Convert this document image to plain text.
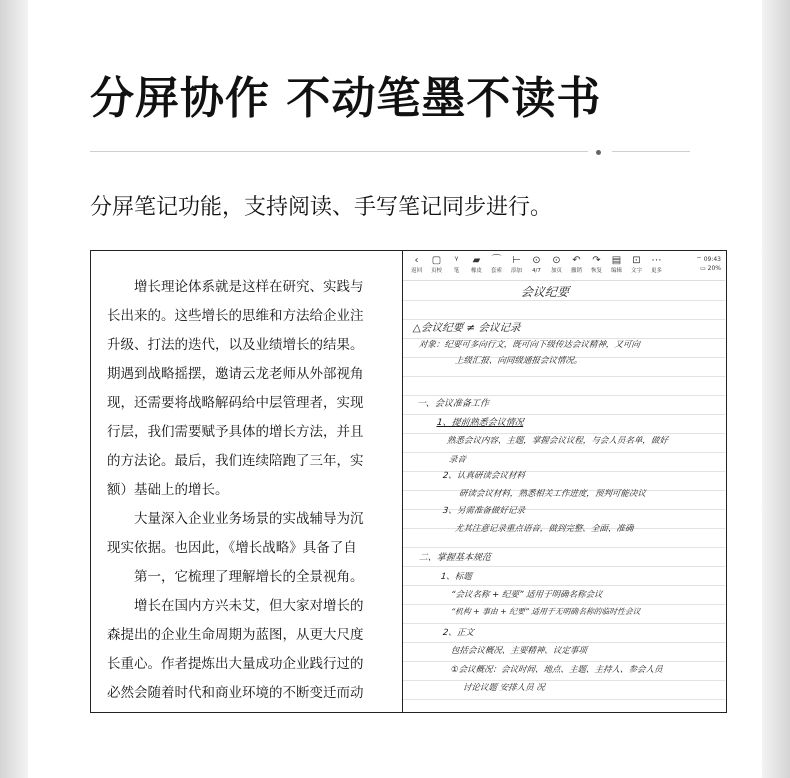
分屏协作 不动笔墨不读书
分屏笔记功能，支持阅读、手写笔记同步进行。
增长理论体系就是这样在研究、实践与
长出来的。这些增长的思维和方法给企业注
升级、打法的迭代，以及业绩增长的结果。
期遇到战略摇摆，邀请云龙老师从外部视角
现，还需要将战略解码给中层管理者，实现
行层，我们需要赋予具体的增长方法，并且
的方法论。最后，我们连续陪跑了三年，实
额）基础上的增长。
大量深入企业业务场景的实战辅导为沉
现实依据。也因此，《增长战略》具备了自
第一，它梳理了理解增长的全景视角。
增长在国内方兴未艾，但大家对增长的
森提出的企业生命周期为蓝图，从更大尺度
长重心。作者提炼出大量成功企业践行过的
必然会随着时代和商业环境的不断变迁而动
‹
返回
▢
页校
ᵞ
笔
▰
橡皮
⌒
套索
⊢
添加
⊙
4/7
⊙
加页
↶
撤销
↷
恢复
▤
编辑
⊡
文字
⋯
更多
⌔ 09:43
▭ 20%
会议纪要
△会议纪要 ≠ 会议记录
对象：纪要可多向行文，既可向下级传达会议精神，又可向
上级汇报、向同级通报会议情况。
一、会议准备工作
1、提前熟悉会议情况
熟悉会议内容、主题，掌握会议议程，与会人员名单，做好
录音
2、认真研读会议材料
研读会议材料，熟悉相关工作进度，预判可能决议
3、另需准备做好记录
尤其注意记录重点语音，做到完整、全面、准确
二、掌握基本规范
1、标题
“会议名称 + 纪要” 适用于明确名称会议
“机构 + 事由 + 纪要” 适用于无明确名称的临时性会议
2、正文
包括会议概况、主要精神、议定事项
①会议概况：会议时间、地点、主题、主持人、参会人员
讨论议题 安排人员 况
